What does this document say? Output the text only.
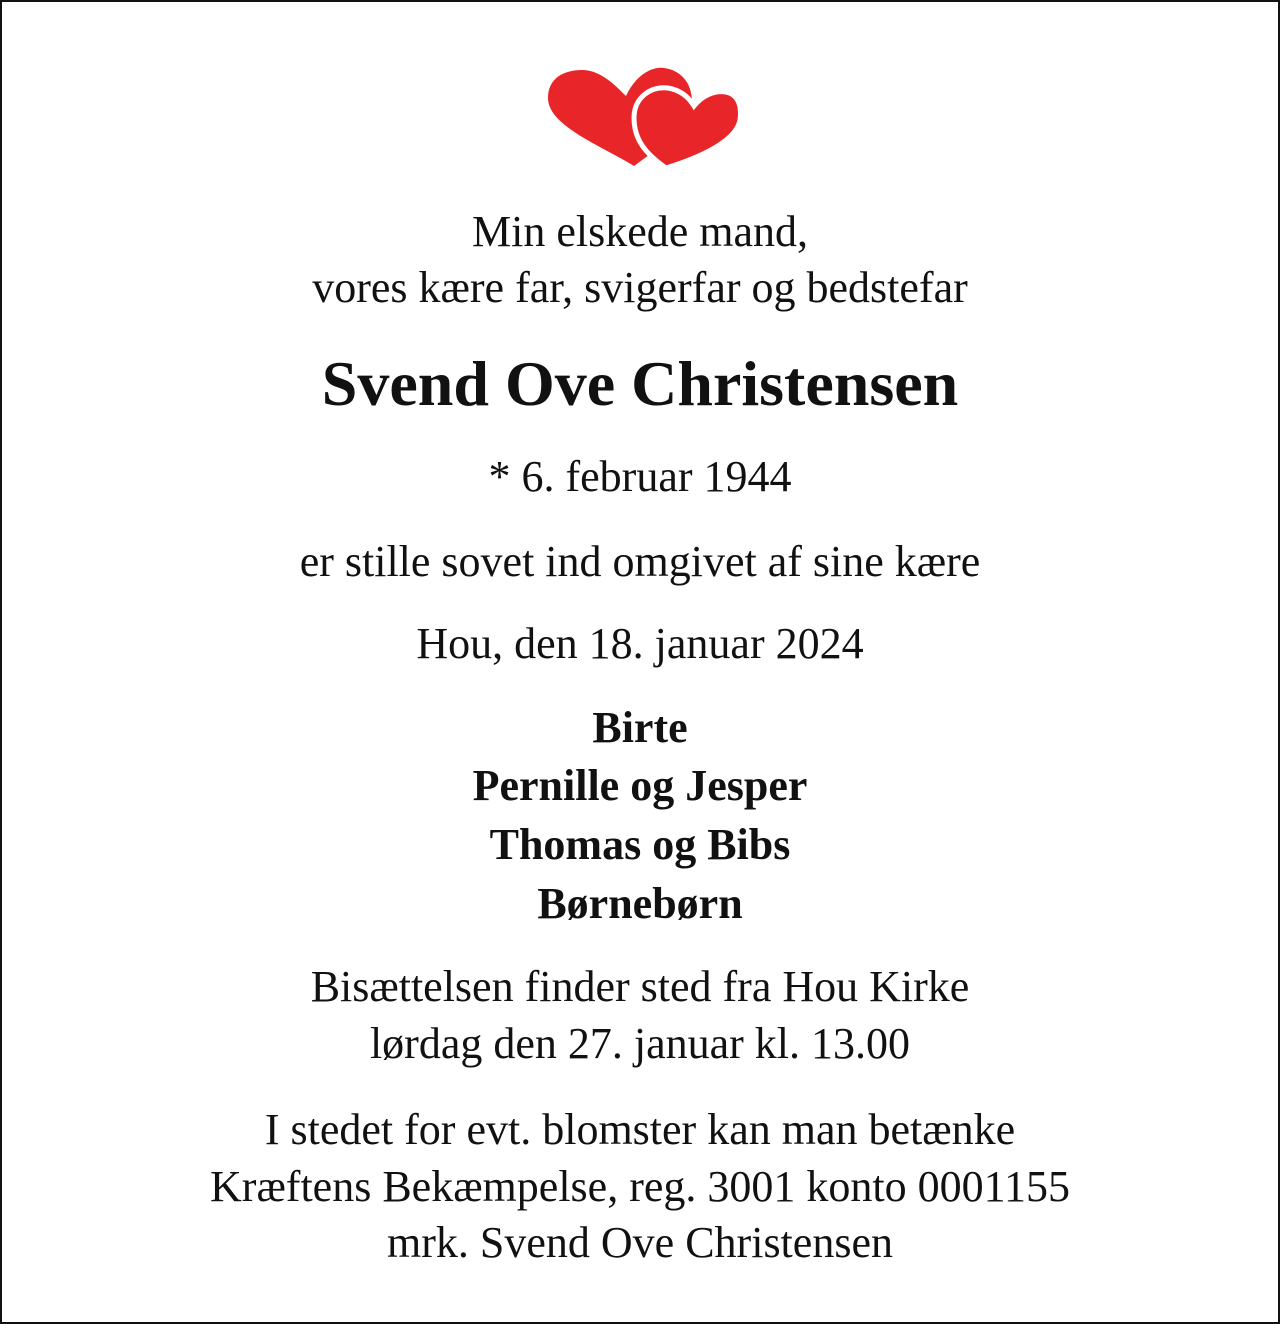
Min elskede mand,
vores kære far, svigerfar og bedstefar
Svend Ove Christensen
* 6. februar 1944
er stille sovet ind omgivet af sine kære
Hou, den 18. januar 2024
Birte
Pernille og Jesper
Thomas og Bibs
Børnebørn
Bisættelsen finder sted fra Hou Kirke
lørdag den 27. januar kl. 13.00
I stedet for evt. blomster kan man betænke
Kræftens Bekæmpelse, reg. 3001 konto 0001155
mrk. Svend Ove Christensen
